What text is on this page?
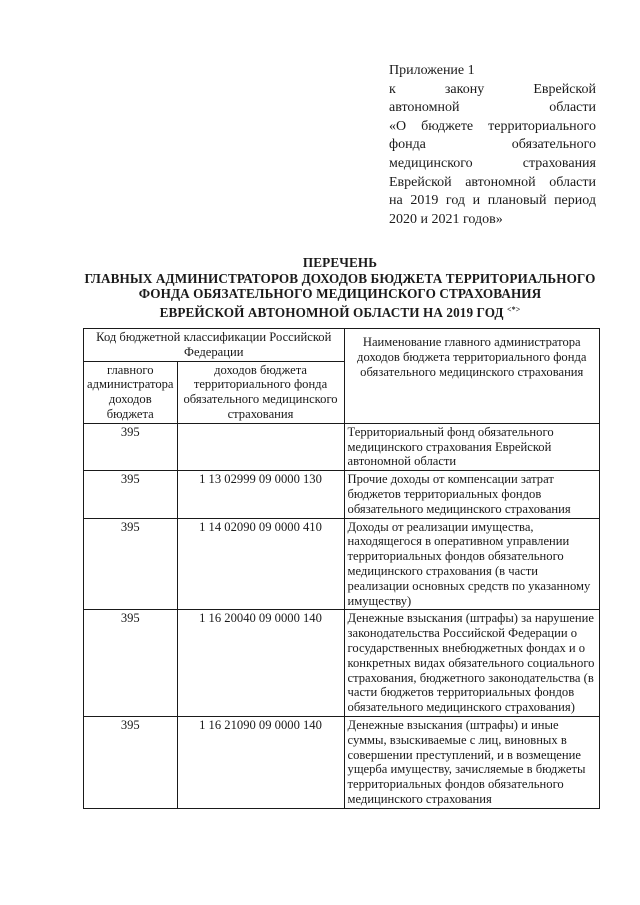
Приложение 1
к закону Еврейской
автономной области
«О бюджете территориального
фонда обязательного
медицинского страхования
Еврейской автономной области
на 2019 год и плановый период
2020 и 2021 годов»
ПЕРЕЧЕНЬ
ГЛАВНЫХ АДМИНИСТРАТОРОВ ДОХОДОВ БЮДЖЕТА ТЕРРИТОРИАЛЬНОГО
ФОНДА ОБЯЗАТЕЛЬНОГО МЕДИЦИНСКОГО СТРАХОВАНИЯ
ЕВРЕЙСКОЙ АВТОНОМНОЙ ОБЛАСТИ НА 2019 ГОД <*>
Код бюджетной классификации Российской Федерации		Наименование главного администратора доходов бюджета территориального фонда обязательного медицинского страхования
главного администратора доходов бюджета	доходов бюджета территориального фонда обязательного медицинского страхования	
395		Территориальный фонд обязательного медицинского страхования Еврейской автономной области
395	1 13 02999 09 0000 130	Прочие доходы от компенсации затрат бюджетов территориальных фондов обязательного медицинского страхования
395	1 14 02090 09 0000 410	Доходы от реализации имущества, находящегося в оперативном управлении территориальных фондов обязательного медицинского страхования (в части реализации основных средств по указанному имуществу)
395	1 16 20040 09 0000 140	Денежные взыскания (штрафы) за нарушение законодательства Российской Федерации о государственных внебюджетных фондах и о конкретных видах обязательного социального страхования, бюджетного законодательства (в части бюджетов территориальных фондов обязательного медицинского страхования)
395	1 16 21090 09 0000 140	Денежные взыскания (штрафы) и иные суммы, взыскиваемые с лиц, виновных в совершении преступлений, и в возмещение ущерба имуществу, зачисляемые в бюджеты территориальных фондов обязательного медицинского страхования
